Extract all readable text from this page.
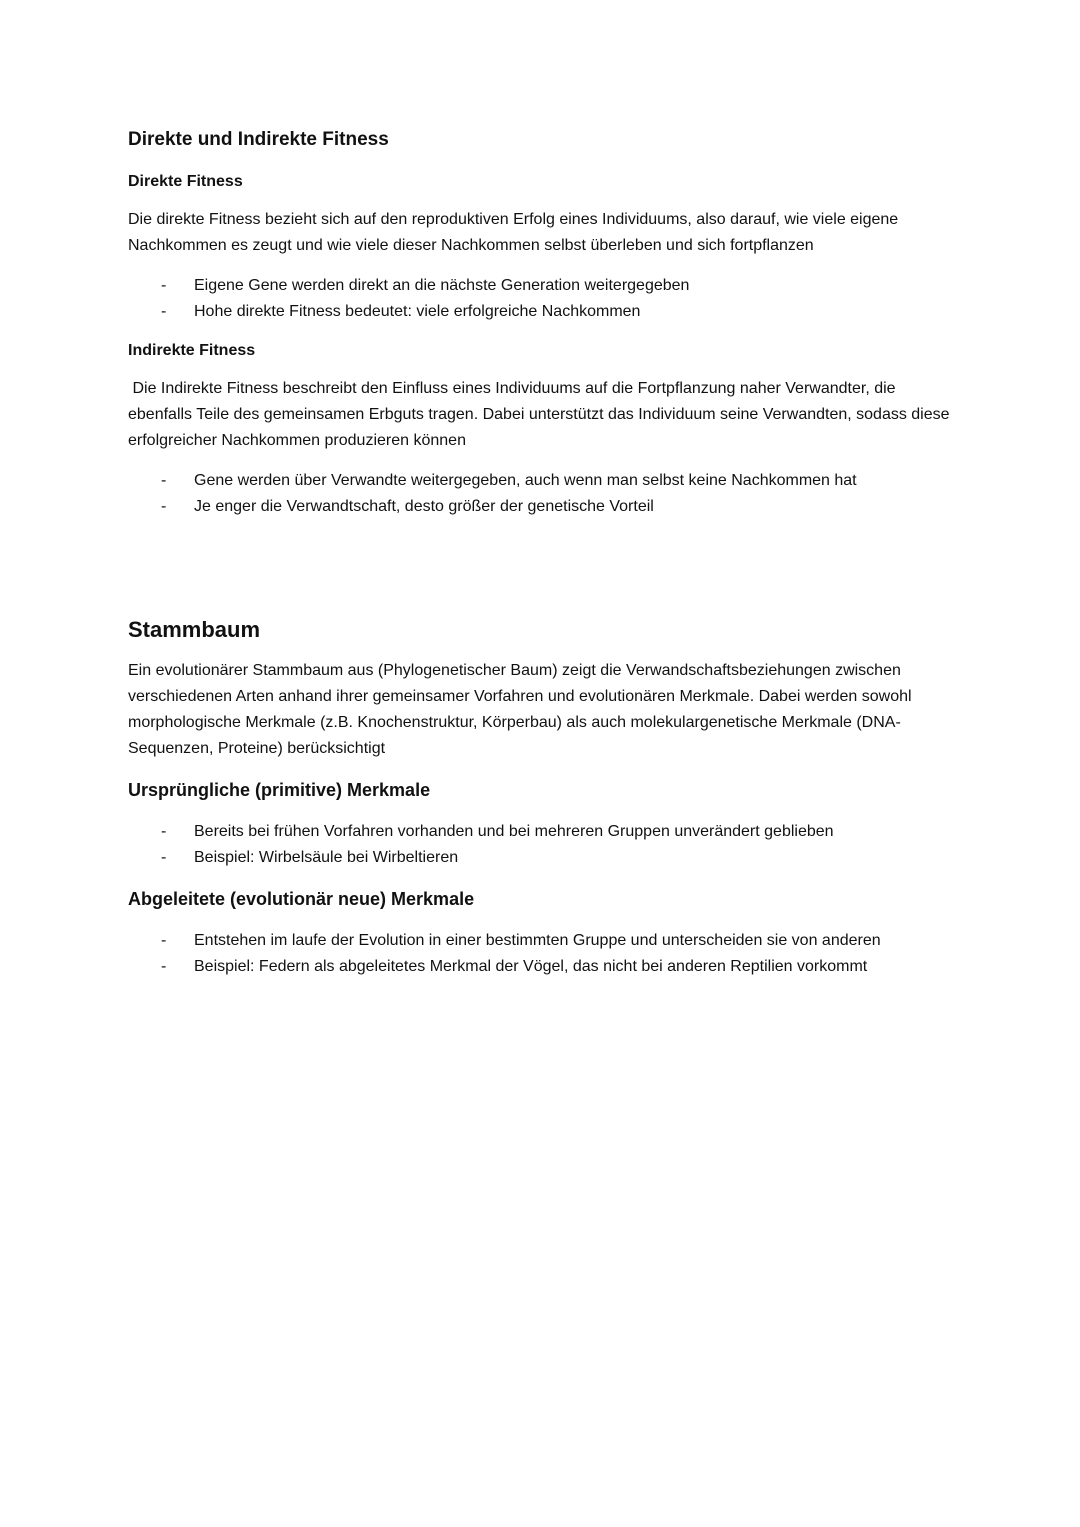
Direkte und Indirekte Fitness
Direkte Fitness

Die direkte Fitness bezieht sich auf den reproduktiven Erfolg eines Individuums, also darauf, wie viele eigene Nachkommen es zeugt und wie viele dieser Nachkommen selbst überleben und sich fortpflanzen

- Eigene Gene werden direkt an die nächste Generation weitergegeben
- Hohe direkte Fitness bedeutet: viele erfolgreiche Nachkommen
Indirekte Fitness

Die Indirekte Fitness beschreibt den Einfluss eines Individuums auf die Fortpflanzung naher Verwandter, die ebenfalls Teile des gemeinsamen Erbguts tragen. Dabei unterstützt das Individuum seine Verwandten, sodass diese erfolgreicher Nachkommen produzieren können

- Gene werden über Verwandte weitergegeben, auch wenn man selbst keine Nachkommen hat
- Je enger die Verwandtschaft, desto größer der genetische Vorteil
Stammbaum

Ein evolutionärer Stammbaum aus (Phylogenetischer Baum) zeigt die Verwandschaftsbeziehungen zwischen verschiedenen Arten anhand ihrer gemeinsamer Vorfahren und evolutionären Merkmale. Dabei werden sowohl morphologische Merkmale (z.B. Knochenstruktur, Körperbau) als auch molekulargenetische Merkmale (DNA-Sequenzen, Proteine) berücksichtigt

Ursprüngliche (primitive) Merkmale
- Bereits bei frühen Vorfahren vorhanden und bei mehreren Gruppen unverändert geblieben
- Beispiel: Wirbelsäule bei Wirbeltieren
Abgeleitete (evolutionär neue) Merkmale
- Entstehen im laufe der Evolution in einer bestimmten Gruppe und unterscheiden sie von anderen
- Beispiel: Federn als abgeleitetes Merkmal der Vögel, das nicht bei anderen Reptilien vorkommt
